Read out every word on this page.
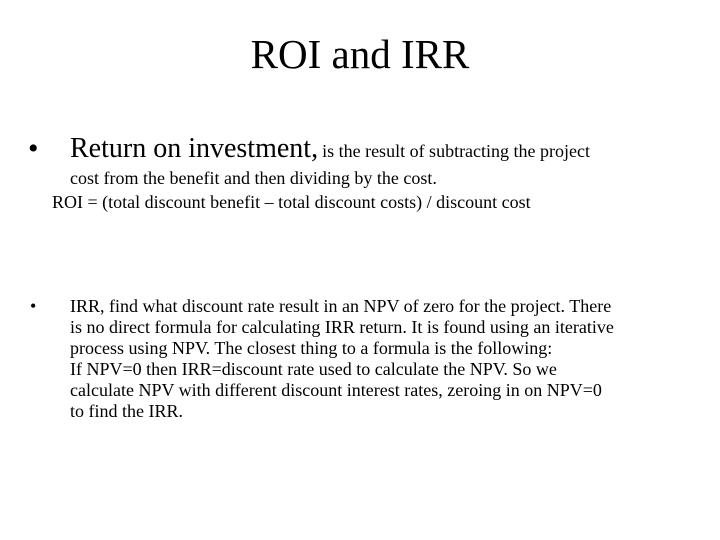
ROI and IRR
• Return on investment, is the result of subtracting the project
cost from the benefit and then dividing by the cost.
ROI = (total discount benefit – total discount costs) / discount cost
• IRR, find what discount rate result in an NPV of zero for the project. There
is no direct formula for calculating IRR return. It is found using an iterative
process using NPV. The closest thing to a formula is the following:
If NPV=0 then IRR=discount rate used to calculate the NPV. So we
calculate NPV with different discount interest rates, zeroing in on NPV=0
to find the IRR.
